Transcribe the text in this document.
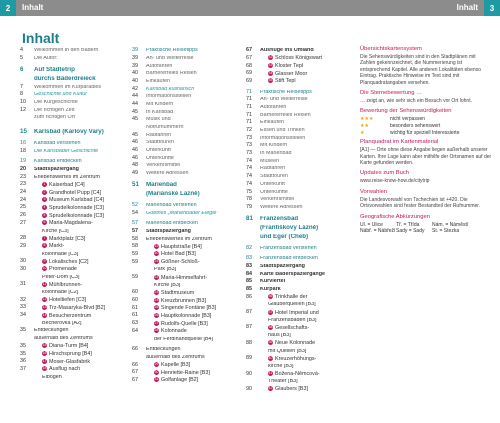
2	Inhalt	Inhalt	3
Inhalt
4	Willkommen in den Bädern
5	Die Autor:
6	Auf Städtetrip
durchs Bäderdreieck
7	Willkommen im Kurparadies
8	Geschichte und Kultur
10	Die Kurgeschichte
12	Die richtigen Zeit
zum richtigen Ort
15	Karlsbad (Karlovy Vary)
16	Karlsbad verstehen
18	Die Karlsbader Geschichte
19	Karlsbad entdecken
20	Stadtspaziergang
23	Erlebenswertes im Zentrum
23	1 Kaiserbad [C4]
24	2 Grandhotel Pupp [C4]
24	3 Museum Karlsbad [C4]
25	4 Sprudelkolonnade [C3]
26	5 Sprudelkolonnade [C3]
27	6 Maria-Magdalena-
Kirche [C3]
28	7 Marktplatz [C3]
29	8 Markt-
kolonnade [C3]
30	9 Lokalisches [C2]
30	10 Promenade
Peter-Dom [C3]
31	11 Mühlbrunnen-
kolonnade [C2]
32	12 Hoteltiefen [C3]
33	13 Trz-Masaryka-Blvd [B2]
34	14 Besucherzentrum
Becherovka [A2]
35	Entdeckungen
außerhalb des Zentrums
35	15 Diana-Turm [B4]
35	16 Hirschsprung [B4]
36	17 Moser-Glasfabrik
37	18 Ausflug nach
Elbogen
39	Praktische Reisetipps
39	An- und Weiterreise
39	Autofahren
40	Barrierefreies Reisen
40	Einkaufen
42	Karlsbad kulinarisch
44	Informationsstellen
44	Mit Kindern
45	In Karlsbad
45	Musik und
Notrufnummern
45	Radfahren
46	Stadttouren
46	Unterkunft
46	Unterkünfte
48	Verkehrsmittel
49	Weitere Adressen
51	Marienbad
(Mariánské Lázně)
52	Marienbad verstehen
54	Goethes „Marienbader Elegie"
57	Marienbad entdecken
57	Stadtspaziergang
58	Erlebenswertes im Zentrum
58	19 Hauptstraße [B4]
59	20 Hotel Bad [B3]
59	21 Gößner-Schloß-
Park [B3]
59	22 Maria-Himmelfahrt-
Kirche [B3]
60	23 Stadtmuseum
60	24 Kreuzbrunnen [B3]
61	25 Singende Fontäne [B3]
61	26 Hauptkolonnade [B3]
63	27 Rudolfs-Quelle [B3]
64	28 Kolonnade
der Ferdinandquelle [B4]
66	Entdeckungen
außerhalb des Zentrums
66	29 Kapelle [B3]
67	30 Henriette-Raine [B3]
67	31 Golfanlage [B2]
67	Ausflüge ins Umland
67	32 Schloss Königswart
68	33 Kloster Tepl
69	34 Glasser Moor
69	35 Stift Tepl
71	Praktische Reisetipps
71	An- und Weiterreise
71	Autofahren
71	Barrierefreies Reisen
71	Einkaufen
72	Essen und Trinken
73	Informationsstellen
73	Mit Kindern
73	In Marienbad
74	Museen
74	Radfahren
74	Stadttouren
74	Unterkunft
75	Unterkünfte
78	Verkehrsmittel
79	Weitere Adressen
81	Franzensbad
(Františkovy Lázně)
und Eger (Cheb)
82	Franzensbad verstehen
83	Franzensbad entdecken
83	Stadtspaziergang
84	Karte Bäderspaziergänge
85	Kurviertel
85	Kurpark
86	36 Trinkhalle der
Glauberquellen [B3]
87	37 Hotel Imperial und
Franzensbaden [B3]
87	38 Gesellschafts-
haus [B3]
88	39 Neue Kolonnade
mit Quellen [B3]
89	40 Kreuzerhöhungs-
kirche [B3]
90	41 Božena-Němcová-
Theater [B3]
90	42 Glaubers [B3]
Übersichtskartensystem
Die Sehenswürdigkeiten sind in den Stadtplänen mit Zahlen gekennzeichnet, die Nummerierung ist entsprechend Kapitel. Alle anderen Lokalitäten ebenso Eintrag. Praktische Hinweise im Text sind mit Planquadratangaben versehen.
Die Sternebewertung …
… zeigt an, wie sehr sich ein Besuch vor Ort lohnt.
Bewertung der Sehenswürdigkeiten
★★★	nicht verpassen
★★	besonders sehenswert
★	wichtig für speziell Interessierte
Planquadrat im Kartenmaterial
[A1] — Orte ohne diese Angabe liegen außerhalb unserer Karten. Ihre Lage kann aber mithilfe der Ortsnamen auf der Karte gefunden werden.
Updates zum Buch
www.reise-know-how.de/citytrip
Vorwahlen
Die Landesvorwahl von Tschechien ist +420. Die Ortsvorwahlen sind fester Bestandteil der Rufnummer.
Geografische Abkürzungen
Ul. = Ulice	Tř. = Třída	Nám. = Náměstí
Nábř. = Nábřeží Sady = Sady	St. = Stezka
